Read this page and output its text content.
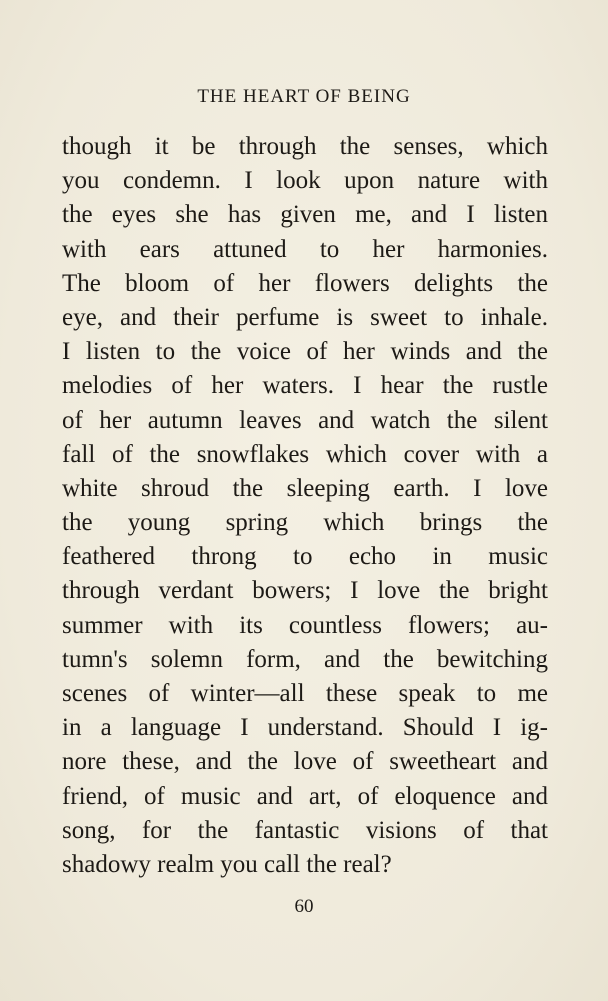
THE HEART OF BEING
though it be through the senses, which
you condemn. I look upon nature with
the eyes she has given me, and I listen
with ears attuned to her harmonies.
The bloom of her flowers delights the
eye, and their perfume is sweet to inhale.
I listen to the voice of her winds and the
melodies of her waters. I hear the rustle
of her autumn leaves and watch the silent
fall of the snowflakes which cover with a
white shroud the sleeping earth. I love
the young spring which brings the
feathered throng to echo in music
through verdant bowers; I love the bright
summer with its countless flowers; au-
tumn's solemn form, and the bewitching
scenes of winter—all these speak to me
in a language I understand. Should I ig-
nore these, and the love of sweetheart and
friend, of music and art, of eloquence and
song, for the fantastic visions of that
shadowy realm you call the real?
60
